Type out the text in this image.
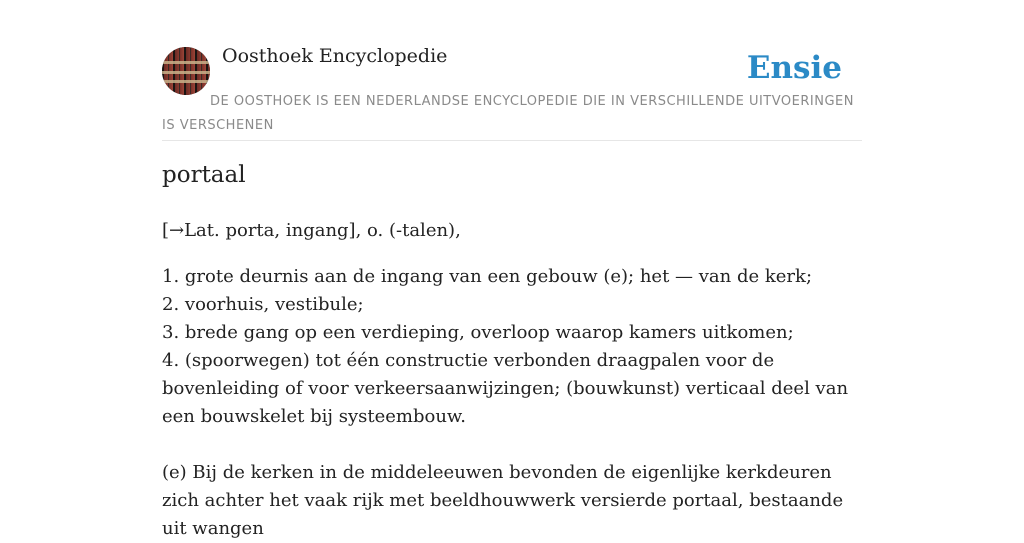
Oosthoek Encyclopedie	Ensie
DE OOSTHOEK IS EEN NEDERLANDSE ENCYCLOPEDIE DIE IN VERSCHILLENDE UITVOERINGEN IS VERSCHENEN
portaal
[→Lat. porta, ingang], o. (-talen),
1. grote deurnis aan de ingang van een gebouw (e); het — van de kerk;
2. voorhuis, vestibule;
3. brede gang op een verdieping, overloop waarop kamers uitkomen;
4. (spoorwegen) tot één constructie verbonden draagpalen voor de bovenleiding of voor verkeersaanwijzingen; (bouwkunst) verticaal deel van een bouwskelet bij systeembouw.
(e) Bij de kerken in de middeleeuwen bevonden de eigenlijke kerkdeuren zich achter het vaak rijk met beeldhouwwerk versierde portaal, bestaande uit wangen
